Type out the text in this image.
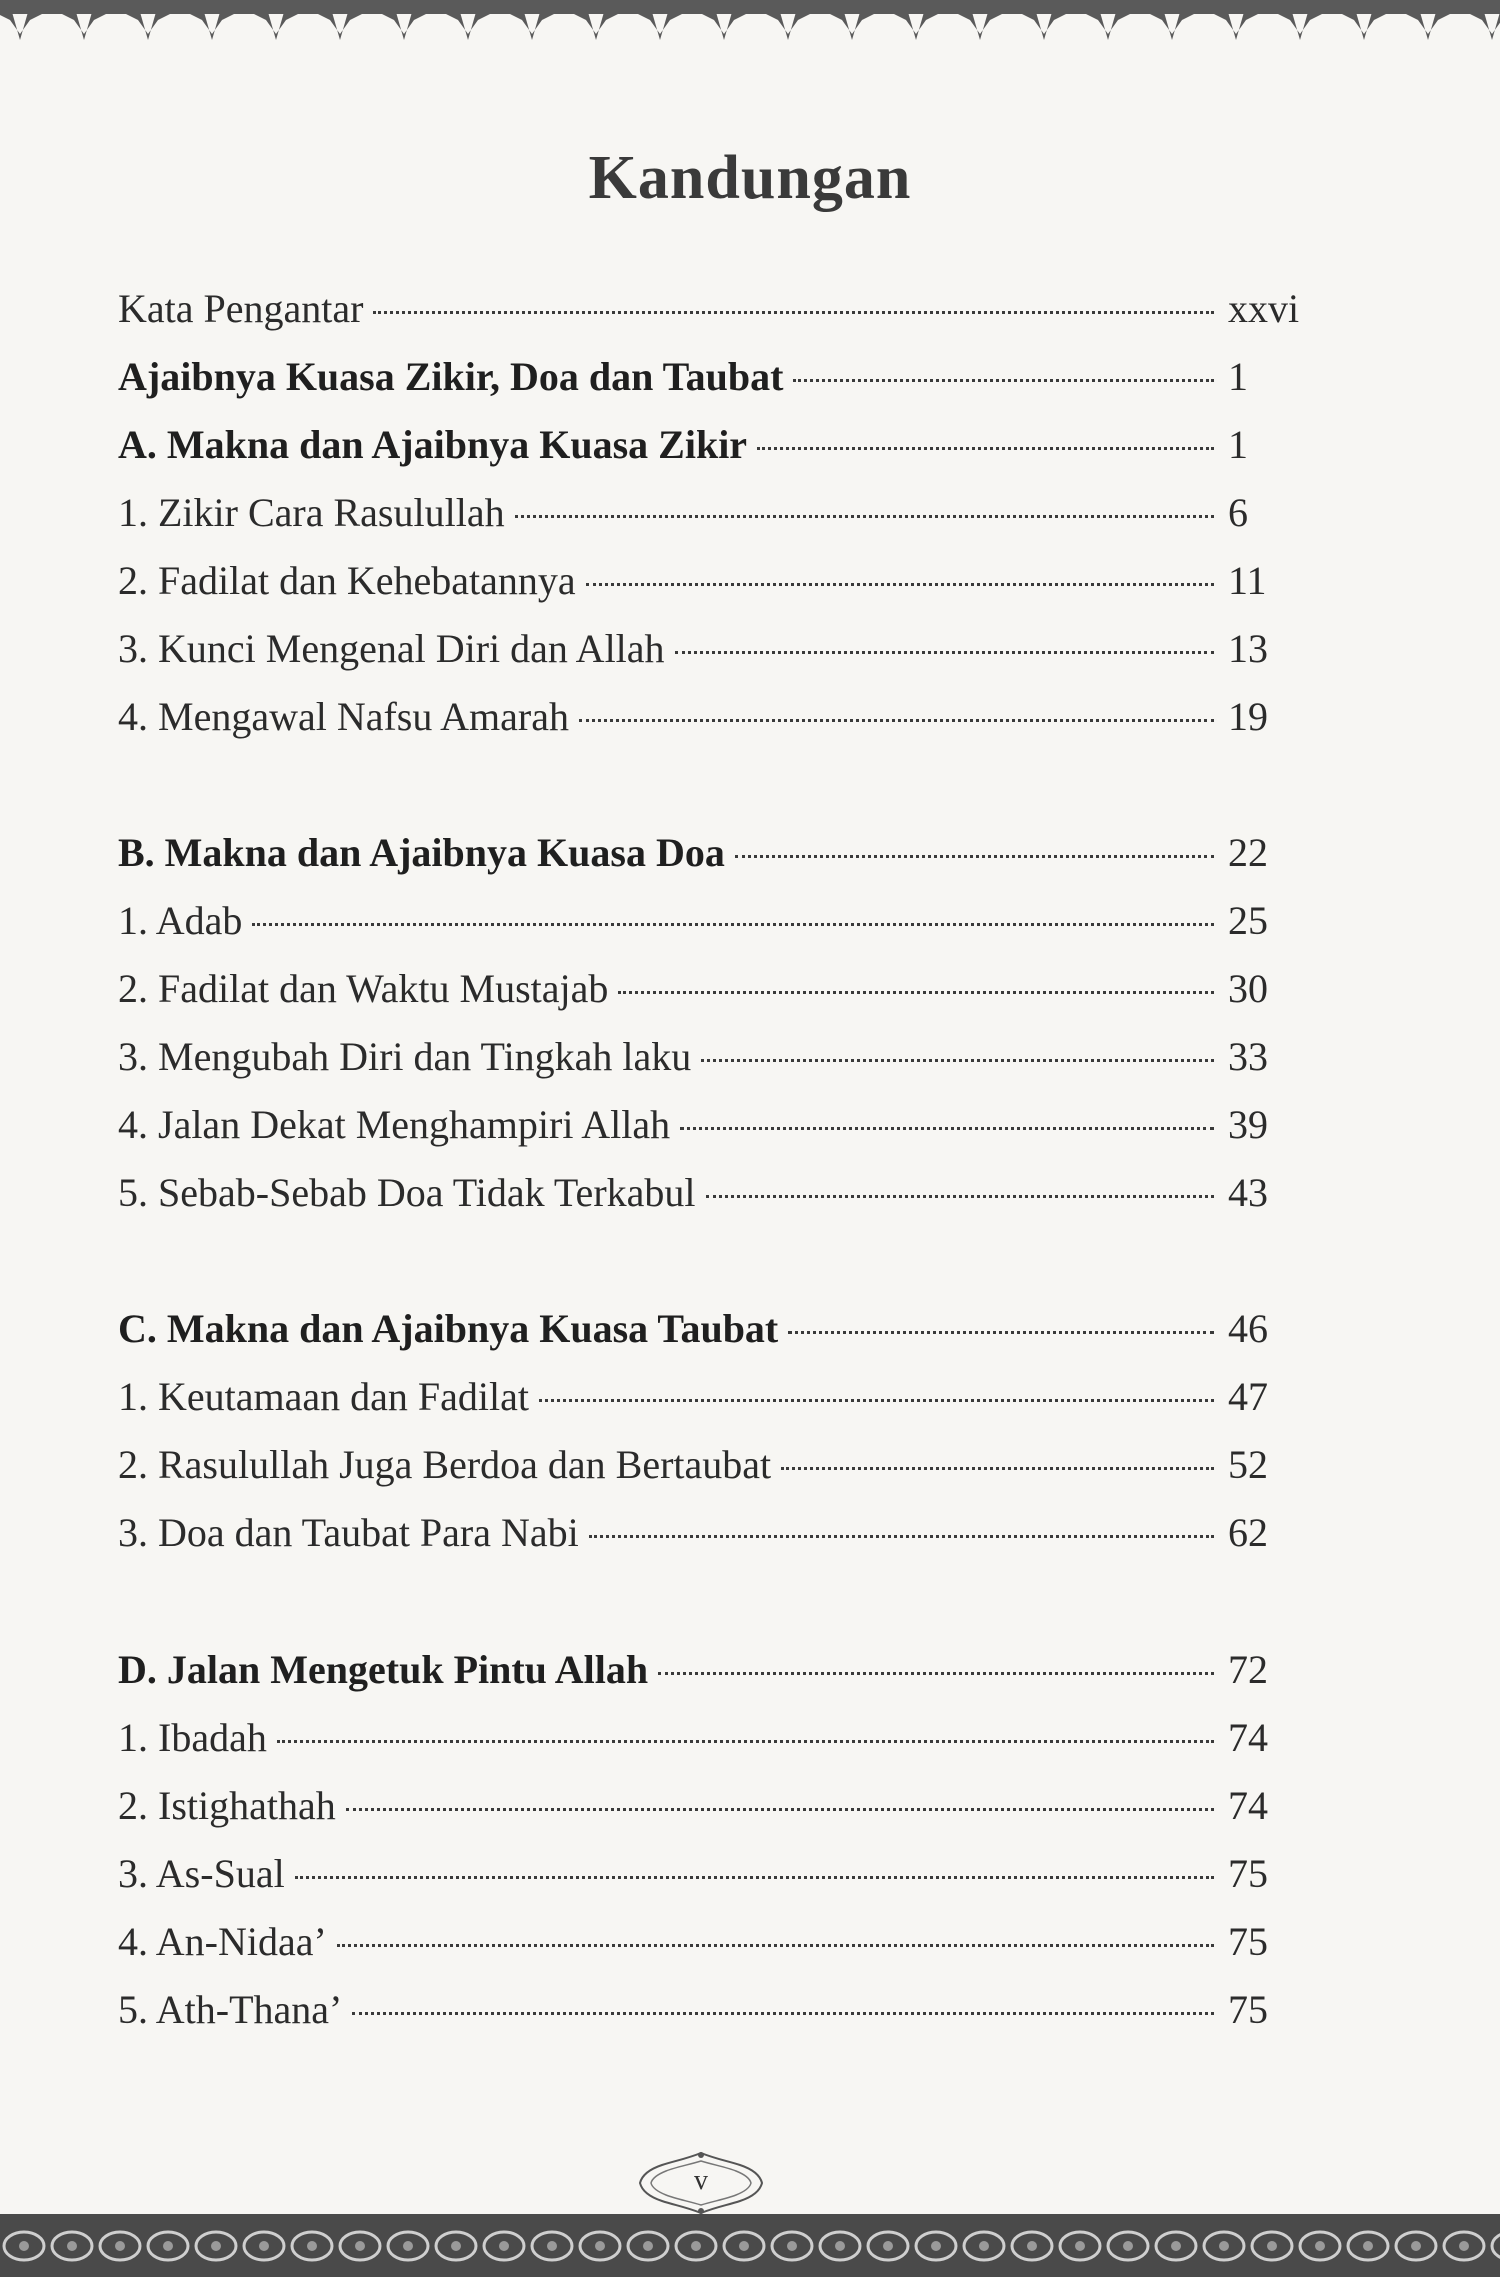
Kandungan
Kata Pengantar	xxvi
Ajaibnya Kuasa Zikir, Doa dan Taubat	1
A. Makna dan Ajaibnya Kuasa Zikir	1
1. Zikir Cara Rasulullah	6
2. Fadilat dan Kehebatannya	11
3. Kunci Mengenal Diri dan Allah	13
4. Mengawal Nafsu Amarah	19
B. Makna dan Ajaibnya Kuasa Doa	22
1. Adab	25
2. Fadilat dan Waktu Mustajab	30
3. Mengubah Diri dan Tingkah laku	33
4. Jalan Dekat Menghampiri Allah	39
5. Sebab-Sebab Doa Tidak Terkabul	43
C. Makna dan Ajaibnya Kuasa Taubat	46
1. Keutamaan dan Fadilat	47
2. Rasulullah Juga Berdoa dan Bertaubat	52
3. Doa dan Taubat Para Nabi	62
D. Jalan Mengetuk Pintu Allah	72
1. Ibadah	74
2. Istighathah	74
3. As-Sual	75
4. An-Nidaa’	75
5. Ath-Thana’	75
v
